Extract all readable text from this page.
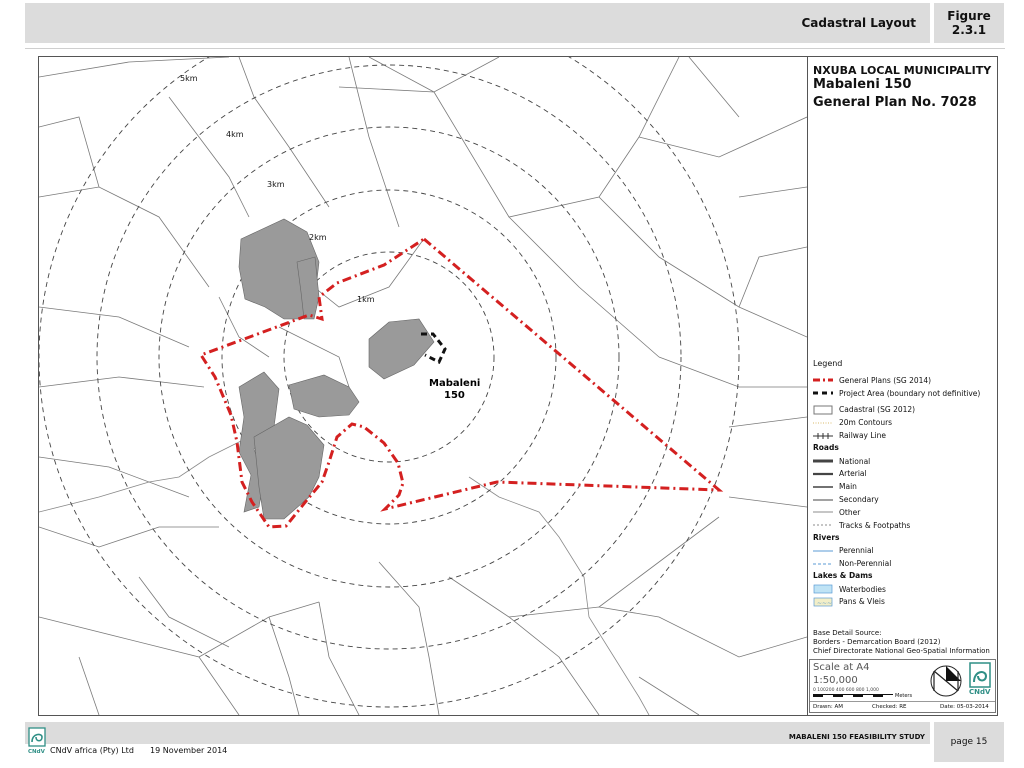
Cadastral Layout	Figure
2.3.1
5km
4km
3km
2km
1km
Mabaleni
150
NXUBA LOCAL MUNICIPALITY
Mabaleni 150
General Plan No. 7028
Legend
General Plans (SG 2014)
Project Area (boundary not definitive)
Cadastral (SG 2012)
20m Contours
Railway Line
Roads
National
Arterial
Main
Secondary
Other
Tracks & Footpaths
Rivers
Perennial
Non-Perennial
Lakes & Dams
Waterbodies
~~~ Pans & Vleis
Base Detail Source:
Borders - Demarcation Board (2012)
Chief Directorate National Geo-Spatial Information
Scale at A4
1:50,000
0 100200 400 600 800 1,000
Meters	CNdV
Drawn: AM	Checked: RE	Date: 05-03-2014
MABALENI 150 FEASIBILITY STUDY	page 15
CNdV CNdV africa (Pty) Ltd 19 November 2014
